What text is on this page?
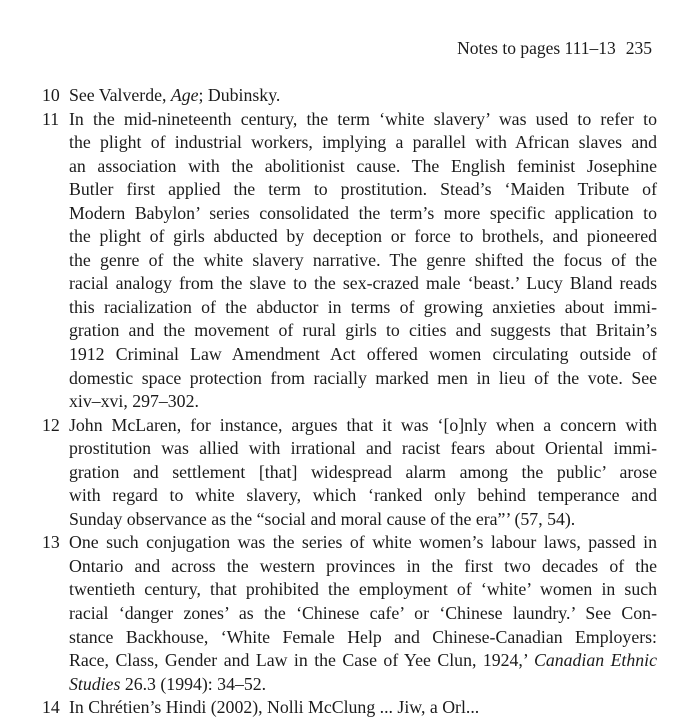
Notes to pages 111–13 235
10 See Valverde, Age; Dubinsky.
11 In the mid-nineteenth century, the term ‘white slavery’ was used to refer to
the plight of industrial workers, implying a parallel with African slaves and
an association with the abolitionist cause. The English feminist Josephine
Butler first applied the term to prostitution. Stead’s ‘Maiden Tribute of
Modern Babylon’ series consolidated the term’s more specific application to
the plight of girls abducted by deception or force to brothels, and pioneered
the genre of the white slavery narrative. The genre shifted the focus of the
racial analogy from the slave to the sex-crazed male ‘beast.’ Lucy Bland reads
this racialization of the abductor in terms of growing anxieties about immi-
gration and the movement of rural girls to cities and suggests that Britain’s
1912 Criminal Law Amendment Act offered women circulating outside of
domestic space protection from racially marked men in lieu of the vote. See
xiv–xvi, 297–302.
12 John McLaren, for instance, argues that it was ‘[o]nly when a concern with
prostitution was allied with irrational and racist fears about Oriental immi-
gration and settlement [that] widespread alarm among the public’ arose
with regard to white slavery, which ‘ranked only behind temperance and
Sunday observance as the “social and moral cause of the era”’ (57, 54).
13 One such conjugation was the series of white women’s labour laws, passed in
Ontario and across the western provinces in the first two decades of the
twentieth century, that prohibited the employment of ‘white’ women in such
racial ‘danger zones’ as the ‘Chinese cafe’ or ‘Chinese laundry.’ See Con-
stance Backhouse, ‘White Female Help and Chinese-Canadian Employers:
Race, Class, Gender and Law in the Case of Yee Clun, 1924,’ Canadian Ethnic
Studies 26.3 (1994): 34–52.
14 In Chrétien’s Hindi (2002), Nolli McClung ... Jiw, a Orl...
